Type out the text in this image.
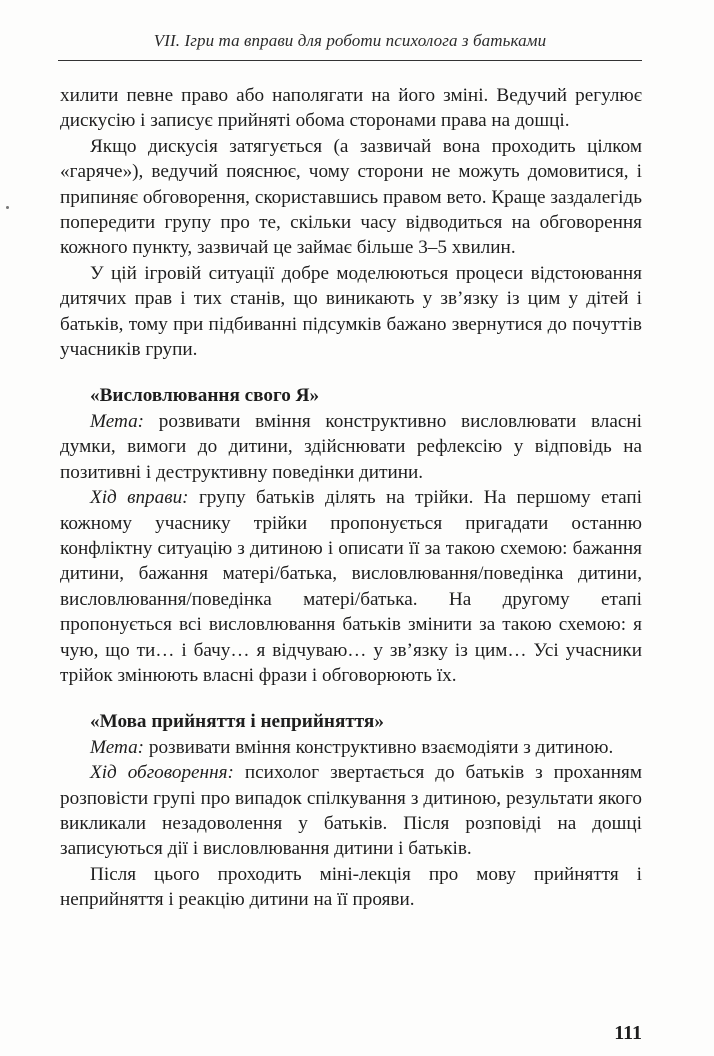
VII. Ігри та вправи для роботи психолога з батьками

хилити певне право або наполягати на його зміні. Ведучий регулює дискусію і записує прийняті обома сторонами права на дошці.

Якщо дискусія затягується (а зазвичай вона проходить цілком «гаряче»), ведучий пояснює, чому сторони не можуть домовитися, і припиняє обговорення, скориставшись правом вето. Краще заздалегідь попередити групу про те, скільки часу відводиться на обговорення кожного пункту, зазвичай це займає більше 3–5 хвилин.

У цій ігровій ситуації добре моделюються процеси відстоювання дитячих прав і тих станів, що виникають у зв’язку із цим у дітей і батьків, тому при підбиванні підсумків бажано звернутися до почуттів учасників групи.

«Висловлювання свого Я»

Мета: розвивати вміння конструктивно висловлювати власні думки, вимоги до дитини, здійснювати рефлексію у відповідь на позитивні і деструктивну поведінки дитини.

Хід вправи: групу батьків ділять на трійки. На першому етапі кожному учаснику трійки пропонується пригадати останню конфліктну ситуацію з дитиною і описати її за такою схемою: бажання дитини, бажання матері/батька, висловлювання/поведінка дитини, висловлювання/поведінка матері/батька. На другому етапі пропонується всі висловлювання батьків змінити за такою схемою: я чую, що ти… і бачу… я відчуваю… у зв’язку із цим… Усі учасники трійок змінюють власні фрази і обговорюють їх.

«Мова прийняття і неприйняття»

Мета: розвивати вміння конструктивно взаємодіяти з дитиною.

Хід обговорення: психолог звертається до батьків з проханням розповісти групі про випадок спілкування з дитиною, результати якого викликали незадоволення у батьків. Після розповіді на дошці записуються дії і висловлювання дитини і батьків.

Після цього проходить міні-лекція про мову прийняття і неприйняття і реакцію дитини на її прояви.

111
